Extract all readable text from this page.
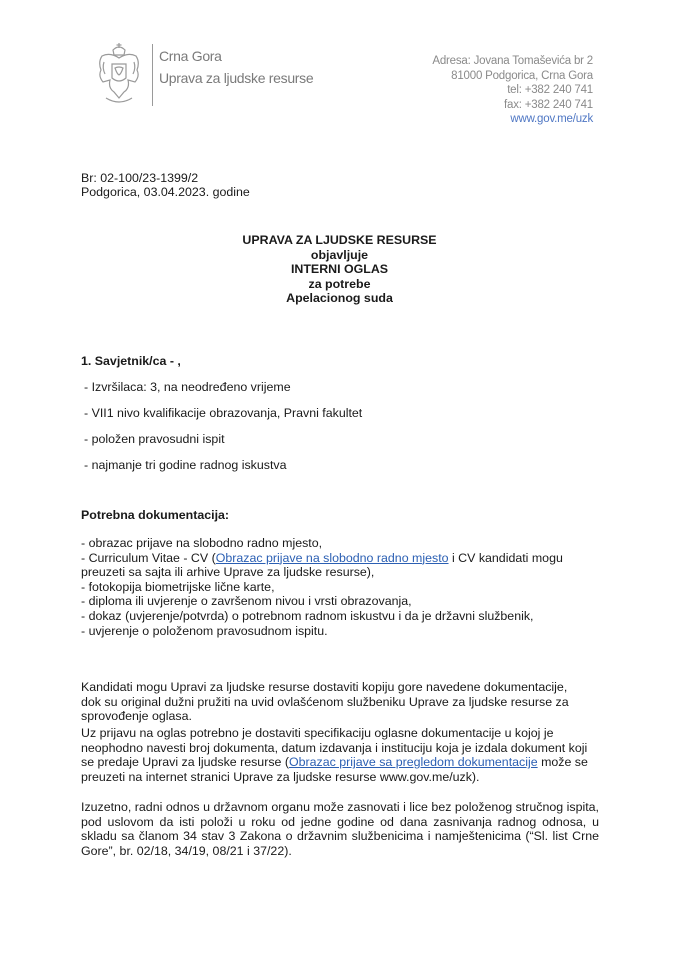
Crna Gora
Uprava za ljudske resurse
Adresa: Jovana Tomaševića br 2
81000 Podgorica, Crna Gora
tel: +382 240 741
fax: +382 240 741
www.gov.me/uzk
Br: 02-100/23-1399/2
Podgorica, 03.04.2023. godine
UPRAVA ZA LJUDSKE RESURSE
objavljuje
INTERNI OGLAS
za potrebe
Apelacionog suda
1. Savjetnik/ca - ,
- Izvršilaca: 3, na neodređeno vrijeme
- VII1 nivo kvalifikacije obrazovanja, Pravni fakultet
- položen pravosudni ispit
- najmanje tri godine radnog iskustva
Potrebna dokumentacija:
- obrazac prijave na slobodno radno mjesto,
- Curriculum Vitae - CV (Obrazac prijave na slobodno radno mjesto i CV kandidati mogu
preuzeti sa sajta ili arhive Uprave za ljudske resurse),
- fotokopija biometrijske lične karte,
- diploma ili uvjerenje o završenom nivou i vrsti obrazovanja,
- dokaz (uvjerenje/potvrda) o potrebnom radnom iskustvu i da je državni službenik,
- uvjerenje o položenom pravosudnom ispitu.
Kandidati mogu Upravi za ljudske resurse dostaviti kopiju gore navedene dokumentacije,
dok su original dužni pružiti na uvid ovlašćenom službeniku Uprave za ljudske resurse za
sprovođenje oglasa.
Uz prijavu na oglas potrebno je dostaviti specifikaciju oglasne dokumentacije u kojoj je
neophodno navesti broj dokumenta, datum izdavanja i instituciju koja je izdala dokument koji
se predaje Upravi za ljudske resurse (Obrazac prijave sa pregledom dokumentacije može se
preuzeti na internet stranici Uprave za ljudske resurse www.gov.me/uzk).
Izuzetno, radni odnos u državnom organu može zasnovati i lice bez položenog stručnog ispita, pod uslovom da isti položi u roku od jedne godine od dana zasnivanja radnog odnosa, u skladu sa članom 34 stav 3 Zakona o državnim službenicima i namještenicima (“Sl. list Crne Gore”, br. 02/18, 34/19, 08/21 i 37/22).
